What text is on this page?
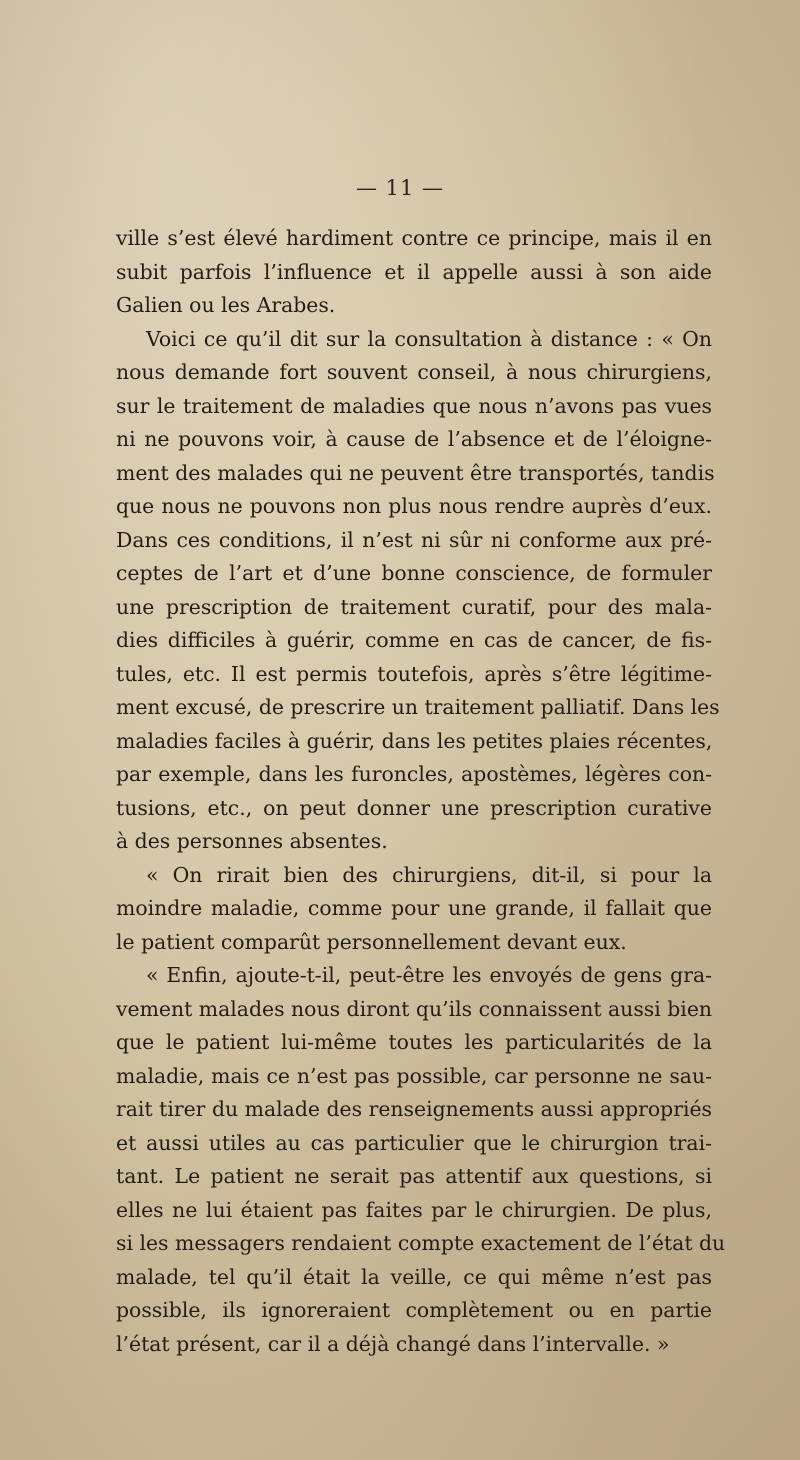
— 11 —
ville s’est élevé hardiment contre ce principe, mais il en
subit parfois l’influence et il appelle aussi à son aide
Galien ou les Arabes.
Voici ce qu’il dit sur la consultation à distance : « On
nous demande fort souvent conseil, à nous chirurgiens,
sur le traitement de maladies que nous n’avons pas vues
ni ne pouvons voir, à cause de l’absence et de l’éloigne-
ment des malades qui ne peuvent être transportés, tandis
que nous ne pouvons non plus nous rendre auprès d’eux.
Dans ces conditions, il n’est ni sûr ni conforme aux pré-
ceptes de l’art et d’une bonne conscience, de formuler
une prescription de traitement curatif, pour des mala-
dies difficiles à guérir, comme en cas de cancer, de fis-
tules, etc. Il est permis toutefois, après s’être légitime-
ment excusé, de prescrire un traitement palliatif. Dans les
maladies faciles à guérir, dans les petites plaies récentes,
par exemple, dans les furoncles, apostèmes, légères con-
tusions, etc., on peut donner une prescription curative
à des personnes absentes.
« On rirait bien des chirurgiens, dit-il, si pour la
moindre maladie, comme pour une grande, il fallait que
le patient comparût personnellement devant eux.
« Enfin, ajoute-t-il, peut-être les envoyés de gens gra-
vement malades nous diront qu’ils connaissent aussi bien
que le patient lui-même toutes les particularités de la
maladie, mais ce n’est pas possible, car personne ne sau-
rait tirer du malade des renseignements aussi appropriés
et aussi utiles au cas particulier que le chirurgion trai-
tant. Le patient ne serait pas attentif aux questions, si
elles ne lui étaient pas faites par le chirurgien. De plus,
si les messagers rendaient compte exactement de l’état du
malade, tel qu’il était la veille, ce qui même n’est pas
possible, ils ignoreraient complètement ou en partie
l’état présent, car il a déjà changé dans l’intervalle. »
